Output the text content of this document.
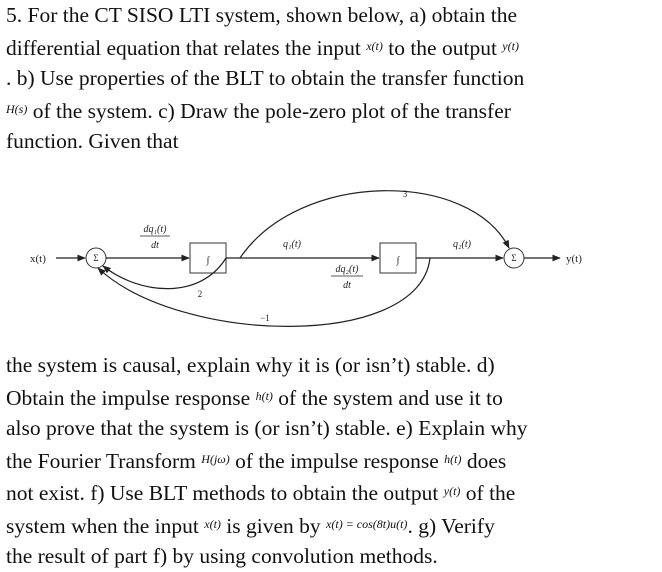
5. For the CT SISO LTI system, shown below, a) obtain the
differential equation that relates the input $^{x(t)}$ to the output $^{y(t)}$
. b) Use properties of the BLT to obtain the transfer function
$^{H(s)}$ of the system. c) Draw the pole-zero plot of the transfer
function. Given that
x(t)	Σ
dq₁(t)
dt
∫
q₁(t)
dq₂(t)
dt
∫
q₂(t)
Σ	y(t)
3
2
−1
the system is causal, explain why it is (or isn’t) stable. d)
Obtain the impulse response $^{h(t)}$ of the system and use it to
also prove that the system is (or isn’t) stable. e) Explain why
the Fourier Transform $^{H(j\omega)}$ of the impulse response $^{h(t)}$ does
not exist. f) Use BLT methods to obtain the output $^{y(t)}$ of the
system when the input $^{x(t)}$ is given by $^{x(t) = cos(8t)u(t)}$. g) Verify
the result of part f) by using convolution methods.
